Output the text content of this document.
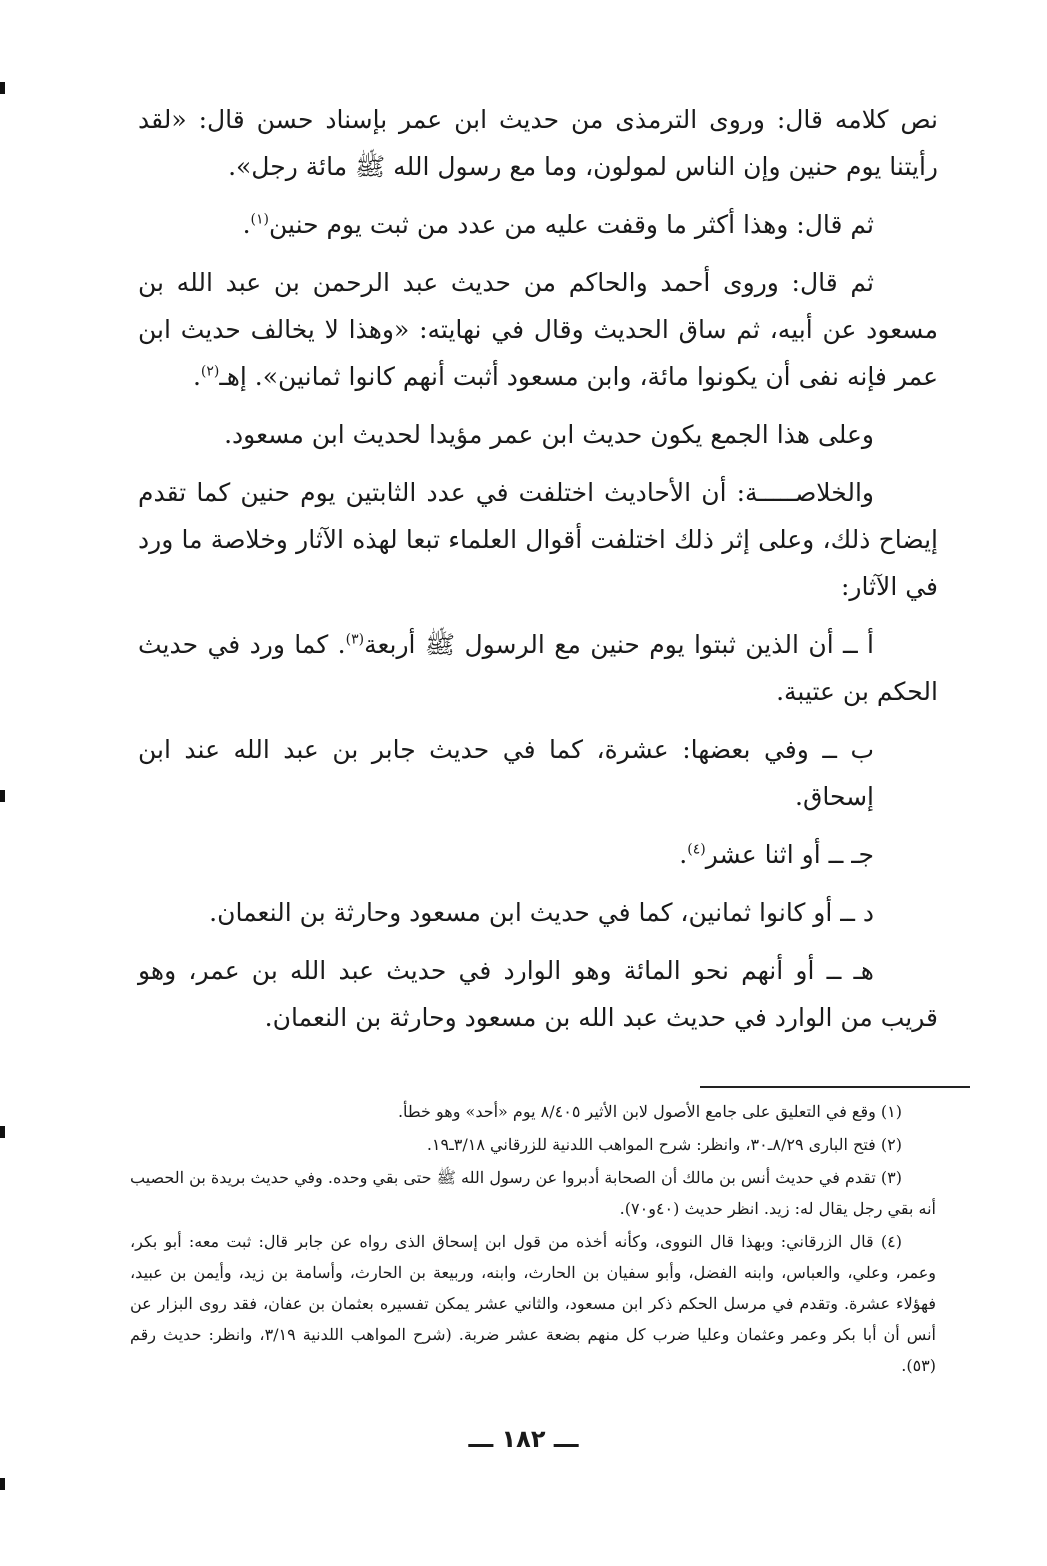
نص كلامه قال: وروى الترمذى من حديث ابن عمر بإسناد حسن قال: «لقد رأيتنا يوم حنين وإن الناس لمولون، وما مع رسول الله ﷺ مائة رجل».

ثم قال: وهذا أكثر ما وقفت عليه من عدد من ثبت يوم حنين$^{(١)}$.

ثم قال: وروى أحمد والحاكم من حديث عبد الرحمن بن عبد الله بن مسعود عن أبيه، ثم ساق الحديث وقال في نهايته: «وهذا لا يخالف حديث ابن عمر فإنه نفى أن يكونوا مائة، وابن مسعود أثبت أنهم كانوا ثمانين». إهـ$^{(٢)}$.

وعلى هذا الجمع يكون حديث ابن عمر مؤيدا لحديث ابن مسعود.

والخلاصـــــة: أن الأحاديث اختلفت في عدد الثابتين يوم حنين كما تقدم إيضاح ذلك، وعلى إثر ذلك اختلفت أقوال العلماء تبعا لهذه الآثار وخلاصة ما ورد في الآثار:

أ ــ أن الذين ثبتوا يوم حنين مع الرسول ﷺ أربعة$^{(٣)}$. كما ورد في حديث الحكم بن عتيبة.

ب ــ وفي بعضها: عشرة، كما في حديث جابر بن عبد الله عند ابن إسحاق.

جـ ــ أو اثنا عشر$^{(٤)}$.

د ــ أو كانوا ثمانين، كما في حديث ابن مسعود وحارثة بن النعمان.

هـ ــ أو أنهم نحو المائة وهو الوارد في حديث عبد الله بن عمر، وهو قريب من الوارد في حديث عبد الله بن مسعود وحارثة بن النعمان.

(١) وقع في التعليق على جامع الأصول لابن الأثير ٨/٤٠٥ يوم «أحد» وهو خطأ.

(٢) فتح البارى ٨/٢٩ـ٣٠، وانظر: شرح المواهب اللدنية للزرقاني ٣/١٨ـ١٩.

(٣) تقدم في حديث أنس بن مالك أن الصحابة أدبروا عن رسول الله ﷺ حتى بقي وحده. وفي حديث بريدة بن الحصيب أنه بقي رجل يقال له: زيد. انظر حديث (٤٠و٧٠).

(٤) قال الزرقاني: وبهذا قال النووى، وكأنه أخذه من قول ابن إسحاق الذى رواه عن جابر قال: ثبت معه: أبو بكر، وعمر، وعلي، والعباس، وابنه الفضل، وأبو سفيان بن الحارث، وابنه، وربيعة بن الحارث، وأسامة بن زيد، وأيمن بن عبيد، فهؤلاء عشرة. وتقدم في مرسل الحكم ذكر ابن مسعود، والثاني عشر يمكن تفسيره بعثمان بن عفان، فقد روى البزار عن أنس أن أبا بكر وعمر وعثمان وعليا ضرب كل منهم بضعة عشر ضربة. (شرح المواهب اللدنية ٣/١٩، وانظر: حديث رقم (٥٣).

ـــ ١٨٢ ـــ
